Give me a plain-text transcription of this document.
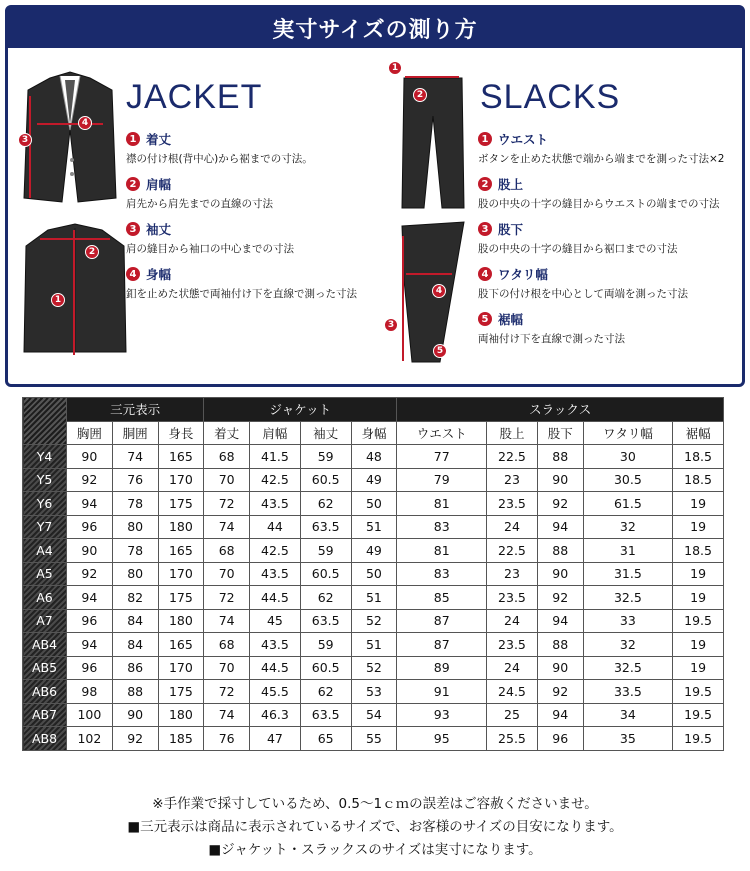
実寸サイズの測り方
3
4
2
1
JACKET
1 着丈
襟の付け根(背中心)から裾までの寸法。
2 肩幅
肩先から肩先までの直線の寸法
3 袖丈
肩の縫目から袖口の中心までの寸法
4 身幅
釦を止めた状態で両袖付け下を直線で測った寸法
1
2
4
3
5
SLACKS
1 ウエスト
ボタンを止めた状態で端から端までを測った寸法×2
2 股上
股の中央の十字の縫目からウエストの端までの寸法
3 股下
股の中央の十字の縫目から裾口までの寸法
4 ワタリ幅
股下の付け根を中心として両端を測った寸法
5 裾幅
両袖付け下を直線で測った寸法
	三元表示			ジャケット				スラックス				
	胸囲	胴囲	身長	着丈	肩幅	袖丈	身幅	ウエスト	股上	股下	ワタリ幅	裾幅
Y4	90	74	165	68	41.5	59	48	77	22.5	88	30	18.5
Y5	92	76	170	70	42.5	60.5	49	79	23	90	30.5	18.5
Y6	94	78	175	72	43.5	62	50	81	23.5	92	61.5	19
Y7	96	80	180	74	44	63.5	51	83	24	94	32	19
A4	90	78	165	68	42.5	59	49	81	22.5	88	31	18.5
A5	92	80	170	70	43.5	60.5	50	83	23	90	31.5	19
A6	94	82	175	72	44.5	62	51	85	23.5	92	32.5	19
A7	96	84	180	74	45	63.5	52	87	24	94	33	19.5
AB4	94	84	165	68	43.5	59	51	87	23.5	88	32	19
AB5	96	86	170	70	44.5	60.5	52	89	24	90	32.5	19
AB6	98	88	175	72	45.5	62	53	91	24.5	92	33.5	19.5
AB7	100	90	180	74	46.3	63.5	54	93	25	94	34	19.5
AB8	102	92	185	76	47	65	55	95	25.5	96	35	19.5
※手作業で採寸しているため、0.5〜1ｃｍの誤差はご容赦くださいませ。
■三元表示は商品に表示されているサイズで、お客様のサイズの目安になります。
■ジャケット・スラックスのサイズは実寸になります。
